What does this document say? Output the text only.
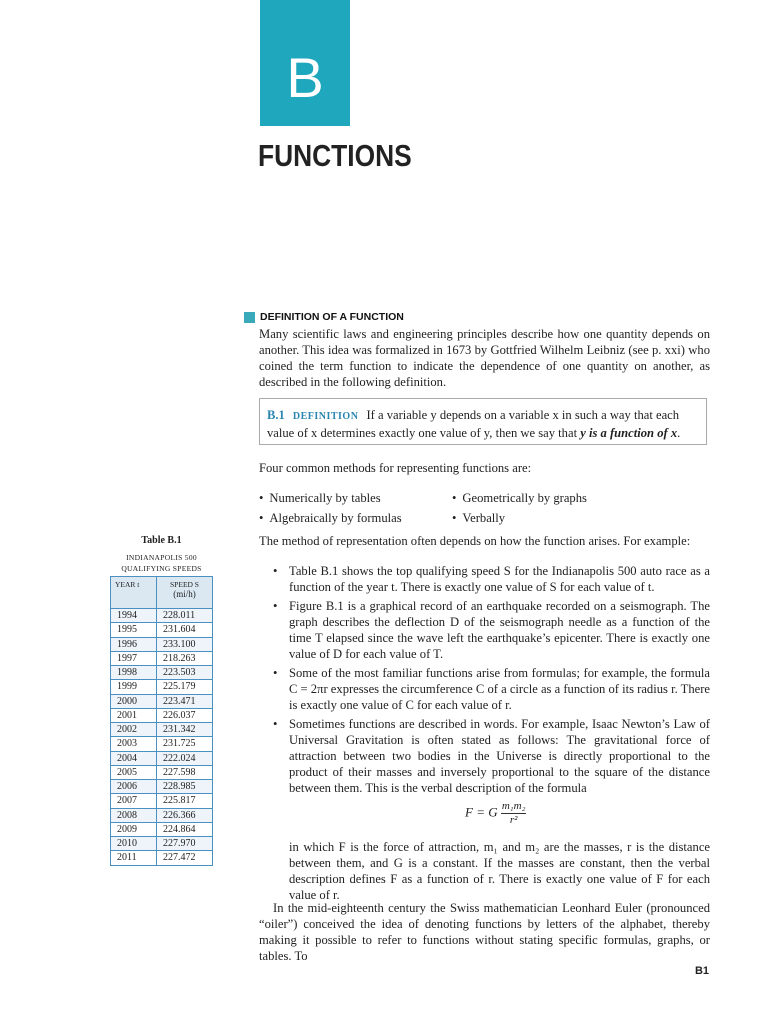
B
FUNCTIONS
DEFINITION OF A FUNCTION

Many scientific laws and engineering principles describe how one quantity depends on another. This idea was formalized in 1673 by Gottfried Wilhelm Leibniz (see p. xxi) who coined the term function to indicate the dependence of one quantity on another, as described in the following definition.

B.1 DEFINITION If a variable y depends on a variable x in such a way that each value of x determines exactly one value of y, then we say that y is a function of x.

Four common methods for representing functions are:

• Numerically by tables	• Geometrically by graphs
• Algebraically by formulas	• Verbally

The method of representation often depends on how the function arises. For example:

• Table B.1 shows the top qualifying speed S for the Indianapolis 500 auto race as a function of the year t. There is exactly one value of S for each value of t.
• Figure B.1 is a graphical record of an earthquake recorded on a seismograph. The graph describes the deflection D of the seismograph needle as a function of the time T elapsed since the wave left the earthquake’s epicenter. There is exactly one value of D for each value of T.
• Some of the most familiar functions arise from formulas; for example, the formula C = 2πr expresses the circumference C of a circle as a function of its radius r. There is exactly one value of C for each value of r.
• Sometimes functions are described in words. For example, Isaac Newton’s Law of Universal Gravitation is often stated as follows: The gravitational force of attraction between two bodies in the Universe is directly proportional to the product of their masses and inversely proportional to the square of the distance between them. This is the verbal description of the formula
F = G $\frac{\text{m₁m₂}}{\text{r²}}$

in which F is the force of attraction, m₁ and m₂ are the masses, r is the distance between them, and G is a constant. If the masses are constant, then the verbal description defines F as a function of r. There is exactly one value of F for each value of r.

In the mid-eighteenth century the Swiss mathematician Leonhard Euler (pronounced “oiler”) conceived the idea of denoting functions by letters of the alphabet, thereby making it possible to refer to functions without stating specific formulas, graphs, or tables. To

B1
Table B.1
INDIANAPOLIS 500
QUALIFYING SPEEDS
YEAR t	SPEED S
(mi/h)
1994	228.011
1995	231.604
1996	233.100
1997	218.263
1998	223.503
1999	225.179
2000	223.471
2001	226.037
2002	231.342
2003	231.725
2004	222.024
2005	227.598
2006	228.985
2007	225.817
2008	226.366
2009	224.864
2010	227.970
2011	227.472
